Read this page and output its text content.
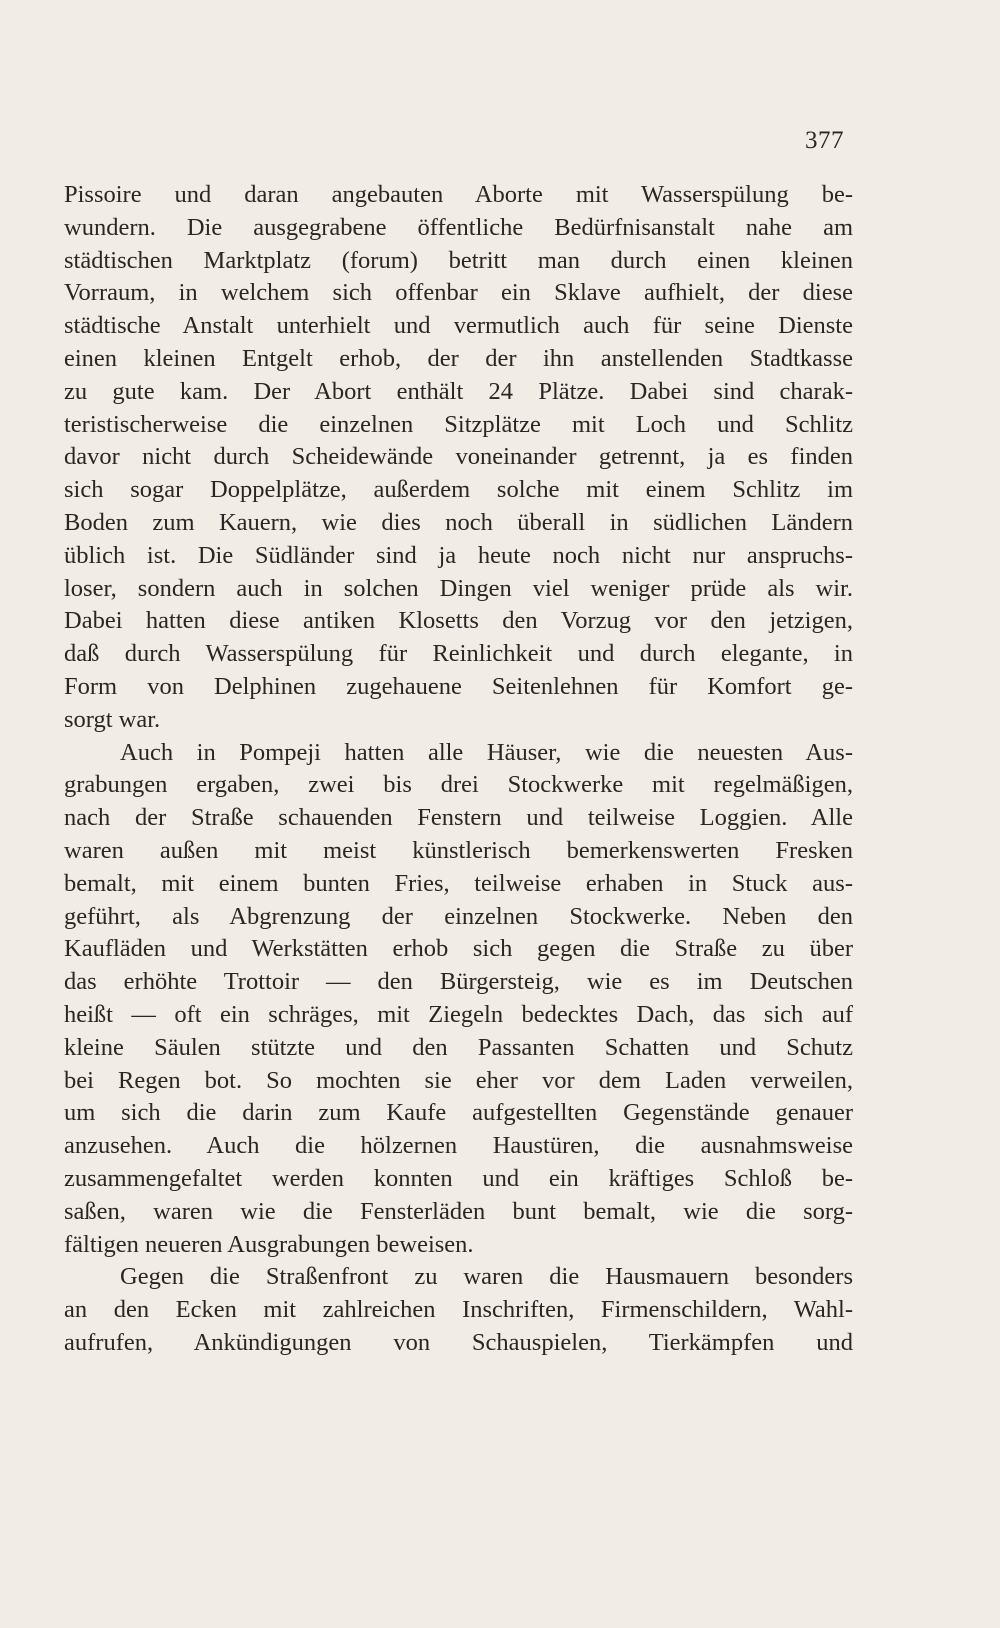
377
Pissoire und daran angebauten Aborte mit Wasserspülung be-
wundern. Die ausgegrabene öffentliche Bedürfnisanstalt nahe am
städtischen Marktplatz (forum) betritt man durch einen kleinen
Vorraum, in welchem sich offenbar ein Sklave aufhielt, der diese
städtische Anstalt unterhielt und vermutlich auch für seine Dienste
einen kleinen Entgelt erhob, der der ihn anstellenden Stadtkasse
zu gute kam. Der Abort enthält 24 Plätze. Dabei sind charak-
teristischerweise die einzelnen Sitzplätze mit Loch und Schlitz
davor nicht durch Scheidewände voneinander getrennt, ja es finden
sich sogar Doppelplätze, außerdem solche mit einem Schlitz im
Boden zum Kauern, wie dies noch überall in südlichen Ländern
üblich ist. Die Südländer sind ja heute noch nicht nur anspruchs-
loser, sondern auch in solchen Dingen viel weniger prüde als wir.
Dabei hatten diese antiken Klosetts den Vorzug vor den jetzigen,
daß durch Wasserspülung für Reinlichkeit und durch elegante, in
Form von Delphinen zugehauene Seitenlehnen für Komfort ge-
sorgt war.
Auch in Pompeji hatten alle Häuser, wie die neuesten Aus-
grabungen ergaben, zwei bis drei Stockwerke mit regelmäßigen,
nach der Straße schauenden Fenstern und teilweise Loggien. Alle
waren außen mit meist künstlerisch bemerkenswerten Fresken
bemalt, mit einem bunten Fries, teilweise erhaben in Stuck aus-
geführt, als Abgrenzung der einzelnen Stockwerke. Neben den
Kaufläden und Werkstätten erhob sich gegen die Straße zu über
das erhöhte Trottoir — den Bürgersteig, wie es im Deutschen
heißt — oft ein schräges, mit Ziegeln bedecktes Dach, das sich auf
kleine Säulen stützte und den Passanten Schatten und Schutz
bei Regen bot. So mochten sie eher vor dem Laden verweilen,
um sich die darin zum Kaufe aufgestellten Gegenstände genauer
anzusehen. Auch die hölzernen Haustüren, die ausnahmsweise
zusammengefaltet werden konnten und ein kräftiges Schloß be-
saßen, waren wie die Fensterläden bunt bemalt, wie die sorg-
fältigen neueren Ausgrabungen beweisen.
Gegen die Straßenfront zu waren die Hausmauern besonders
an den Ecken mit zahlreichen Inschriften, Firmenschildern, Wahl-
aufrufen, Ankündigungen von Schauspielen, Tierkämpfen und
